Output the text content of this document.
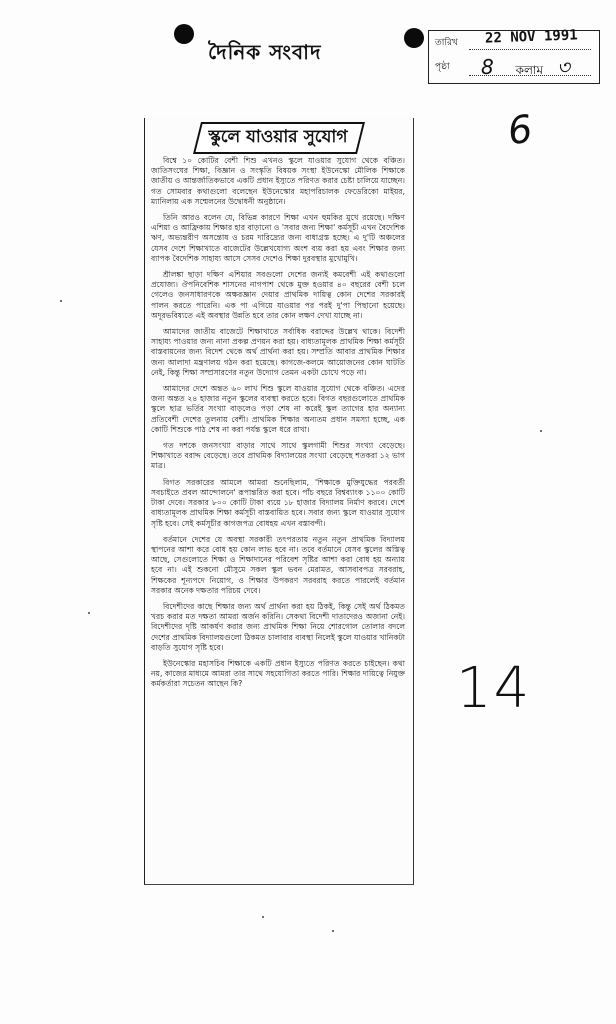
দৈনিক সংবাদ	তারিখ	22 NOV 1991
পৃষ্ঠা	8 কলাম ৩
6
14
স্কুলে যাওয়ার সুযোগ

বিশ্বে ১০ কোটির বেশী শিশু এখনও স্কুলে যাওয়ার সুযোগ থেকে বঞ্চিত। জাতিসংঘের শিক্ষা, বিজ্ঞান ও সংস্কৃতি বিষয়ক সংস্থা ইউনেস্কো মৌলিক শিক্ষাকে জাতীয় ও আন্তর্জাতিকভাবে একটি প্রধান ইস্যুতে পরিণত করার চেষ্টা চালিয়ে যাচ্ছেন। গত সোমবার কথাগুলো বলেছেন ইউনেস্কোর মহাপরিচালক ফেডেরিকো মাইয়র, ম্যানিলায় এক সম্মেলনের উদ্বোধনী অনুষ্ঠানে।

তিনি আরও বলেন যে, বিভিন্ন কারণে শিক্ষা এখন হুমকির মুখে রয়েছে। দক্ষিণ এশিয়া ও আফ্রিকায় শিক্ষার হার বাড়ানো ও 'সবার জন্য শিক্ষা' কর্মসূচী এখন বৈদেশিক ঋণ, অভ্যন্তরীণ অসন্তোষ ও চরম দারিদ্র্যের জন্য বাধাগ্রস্ত হচ্ছে। এ দু'টি অঞ্চলের যেসব দেশে শিক্ষাখাতে বাজেটের উল্লেখযোগ্য অংশ ব্যয় করা হয় এবং শিক্ষার জন্য ব্যাপক বৈদেশিক সাহায্য আসে সেসব দেশেও শিক্ষা দুরবস্থার মুখোমুখি।

শ্রীলঙ্কা ছাড়া দক্ষিণ এশিয়ার সবগুলো দেশের জন্যই কমবেশী এই কথাগুলো প্রযোজ্য। ঔপনিবেশিক শাসনের নাগপাশ থেকে মুক্ত হওয়ার ৪০ বছরের বেশী চলে গেলেও জনসাধারণকে অক্ষরজ্ঞান দেয়ার প্রাথমিক দায়িত্ব কোন দেশের সরকারই পালন করতে পারেনি। এক পা এগিয়ে যাওয়ার পর পরই দু'পা পিছানো হয়েছে। অদূরভবিষ্যতে এই অবস্থার উন্নতি হবে তার কোন লক্ষণ দেখা যাচ্ছে না।

আমাদের জাতীয় বাজেটে শিক্ষাখাতে সর্বাধিক বরাদ্দের উল্লেখ থাকে। বিদেশী সাহায্য পাওয়ার জন্য নানা প্রকল্প প্রণয়ন করা হয়। বাধ্যতামূলক প্রাথমিক শিক্ষা কর্মসূচী বাস্তবায়নের জন্য বিদেশ থেকে অর্থ প্রার্থনা করা হয়। সম্প্রতি আবার প্রাথমিক শিক্ষার জন্য আলাদা মন্ত্রণালয় গঠন করা হয়েছে। কাগজে-কলমে আয়োজনের কোন ঘাটতি নেই, কিন্তু শিক্ষা সম্প্রসারণের নতুন উদ্যোগ তেমন একটা চোখে পড়ে না।

আমাদের দেশে অন্তত ৬০ লাখ শিশু স্কুলে যাওয়ার সুযোগ থেকে বঞ্চিত। এদের জন্য অন্তত ২৪ হাজার নতুন স্কুলের ব্যবস্থা করতে হবে। বিগত বছরগুলোতে প্রাথমিক স্কুলে ছাত্র ভর্তির সংখ্যা বাড়লেও পড়া শেষ না করেই স্কুল ত্যাগের হার অন্যান্য প্রতিবেশী দেশের তুলনায় বেশী। প্রাথমিক শিক্ষার অন্যতম প্রধান সমস্যা হচ্ছে, এক কোটি শিশুকে পাঠ শেষ না করা পর্যন্ত স্কুলে ধরে রাখা।

গত দশকে জনসংখ্যা বাড়ার সাথে সাথে স্কুলগামী শিশুর সংখ্যা বেড়েছে। শিক্ষাখাতে বরাদ্দ বেড়েছে। তবে প্রাথমিক বিদ্যালয়ের সংখ্যা বেড়েছে শতকরা ১২ ভাগ মাত্র।

বিগত সরকারের আমলে আমরা শুনেছিলাম, 'শিক্ষাকে মুক্তিযুদ্ধের পরবর্তী সবচাইতে প্রবল আন্দোলনে' রূপান্তরিত করা হবে। পাঁচ বছরে বিশ্বব্যাংক ১১০০ কোটি টাকা দেবে। সরকার ৮০০ কোটি টাকা ব্যয়ে ১৮ হাজার বিদ্যালয় নির্মাণ করবে। দেশে বাধ্যতামূলক প্রাথমিক শিক্ষা কর্মসূচী বাস্তবায়িত হবে। সবার জন্য স্কুলে যাওয়ার সুযোগ সৃষ্টি হবে। সেই কর্মসূচীর কাগজপত্র বোধহয় এখন বস্তাবন্দী।

বর্তমানে দেশের যে অবস্থা সরকারী তৎপরতায় নতুন নতুন প্রাথমিক বিদ্যালয় স্থাপনের আশা করে বোধ হয় কোন লাভ হবে না। তবে বর্তমানে যেসব স্কুলের অস্তিত্ব আছে, সেগুলোতে শিক্ষা ও শিক্ষাদানের পরিবেশ সৃষ্টির আশা করা বোধ হয় অন্যায় হবে না। এই শুকনো মৌসুমে সকল স্কুল ভবন মেরামত, আসবাবপত্র সরবরাহ, শিক্ষকের শূন্যপদে নিয়োগ, ও শিক্ষার উপকরণ সরবরাহ করতে পারলেই বর্তমান সরকার অনেক দক্ষতার পরিচয় দেবে।

বিদেশীদের কাছে শিক্ষার জন্য অর্থ প্রার্থনা করা হয় ঠিকই, কিন্তু সেই অর্থ ঠিকমত খরচ করার মত দক্ষতা আমরা অর্জন করিনি। সেকথা বিদেশী দাতাদেরও অজানা নেই। বিদেশীদের দৃষ্টি আকর্ষণ করার জন্য প্রাথমিক শিক্ষা নিয়ে শোরগোল তোলার বদলে দেশের প্রাথমিক বিদ্যালয়গুলো ঠিকমত চালাবার ব্যবস্থা নিলেই স্কুলে যাওয়ার খানিকটা বাড়তি সুযোগ সৃষ্টি হবে।

ইউনেস্কোর মহাসচিব শিক্ষাকে একটি প্রধান ইস্যুতে পরিণত করতে চাইছেন। কথা নয়, কাজের মাধ্যমে আমরা তার সাথে সহযোগিতা করতে পারি। শিক্ষার দায়িত্বে নিযুক্ত কর্মকর্তারা সচেতন আছেন কি?
